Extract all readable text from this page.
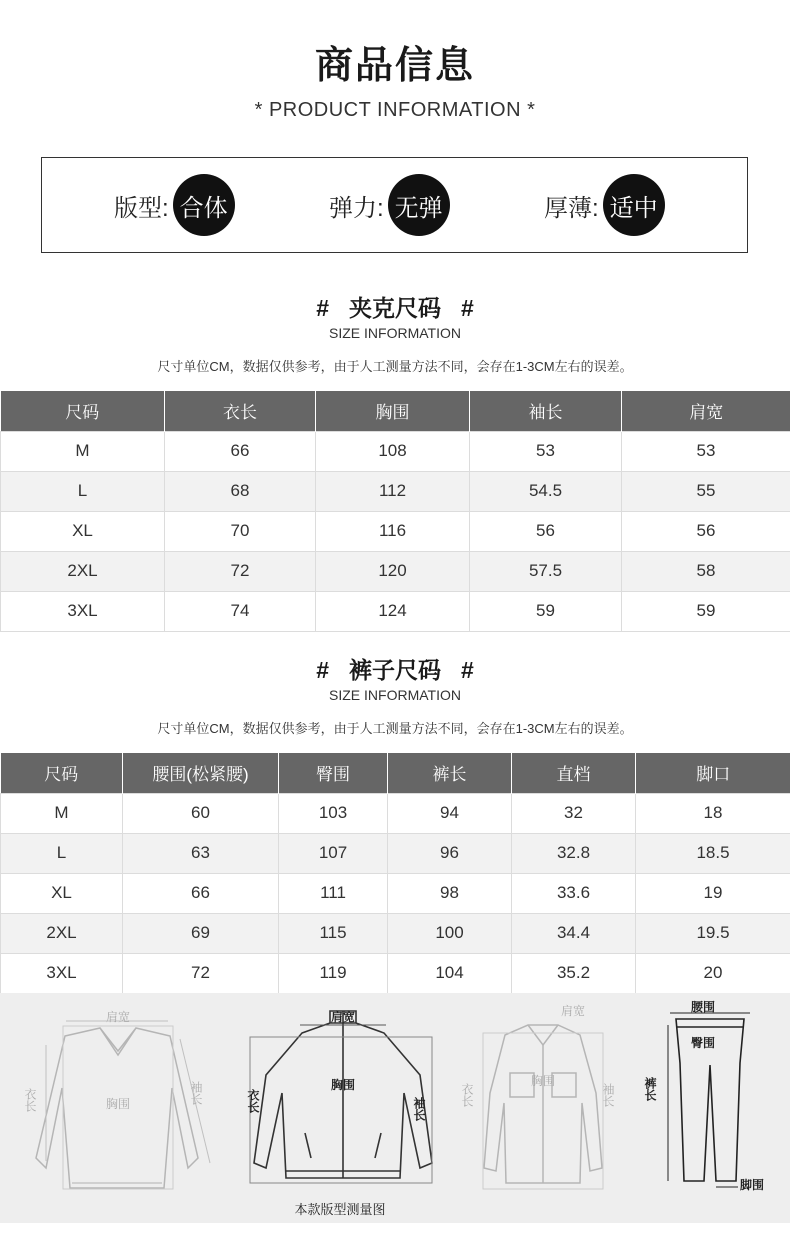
商品信息
* PRODUCT INFORMATION *
版型: 合体	弹力: 无弹	厚薄: 适中
# 夹克尺码 #
SIZE INFORMATION
尺寸单位CM，数据仅供参考，由于人工测量方法不同，会存在1-3CM左右的误差。
尺码	衣长	胸围	袖长	肩宽
M	66	108	53	53
L	68	112	54.5	55
XL	70	116	56	56
2XL	72	120	57.5	58
3XL	74	124	59	59
# 裤子尺码 #
SIZE INFORMATION
尺寸单位CM，数据仅供参考，由于人工测量方法不同，会存在1-3CM左右的误差。
尺码	腰围(松紧腰)	臀围	裤长	直档	脚口
M	60	103	94	32	18
L	63	107	96	32.8	18.5
XL	66	111	98	33.6	19
2XL	69	115	100	34.4	19.5
3XL	72	119	104	35.2	20
肩宽
衣长	胸围	袖长
肩宽
衣长
胸围
袖长
肩宽
衣长
胸围
袖长
腰围
臀围
裤长
脚围
本款版型测量图
